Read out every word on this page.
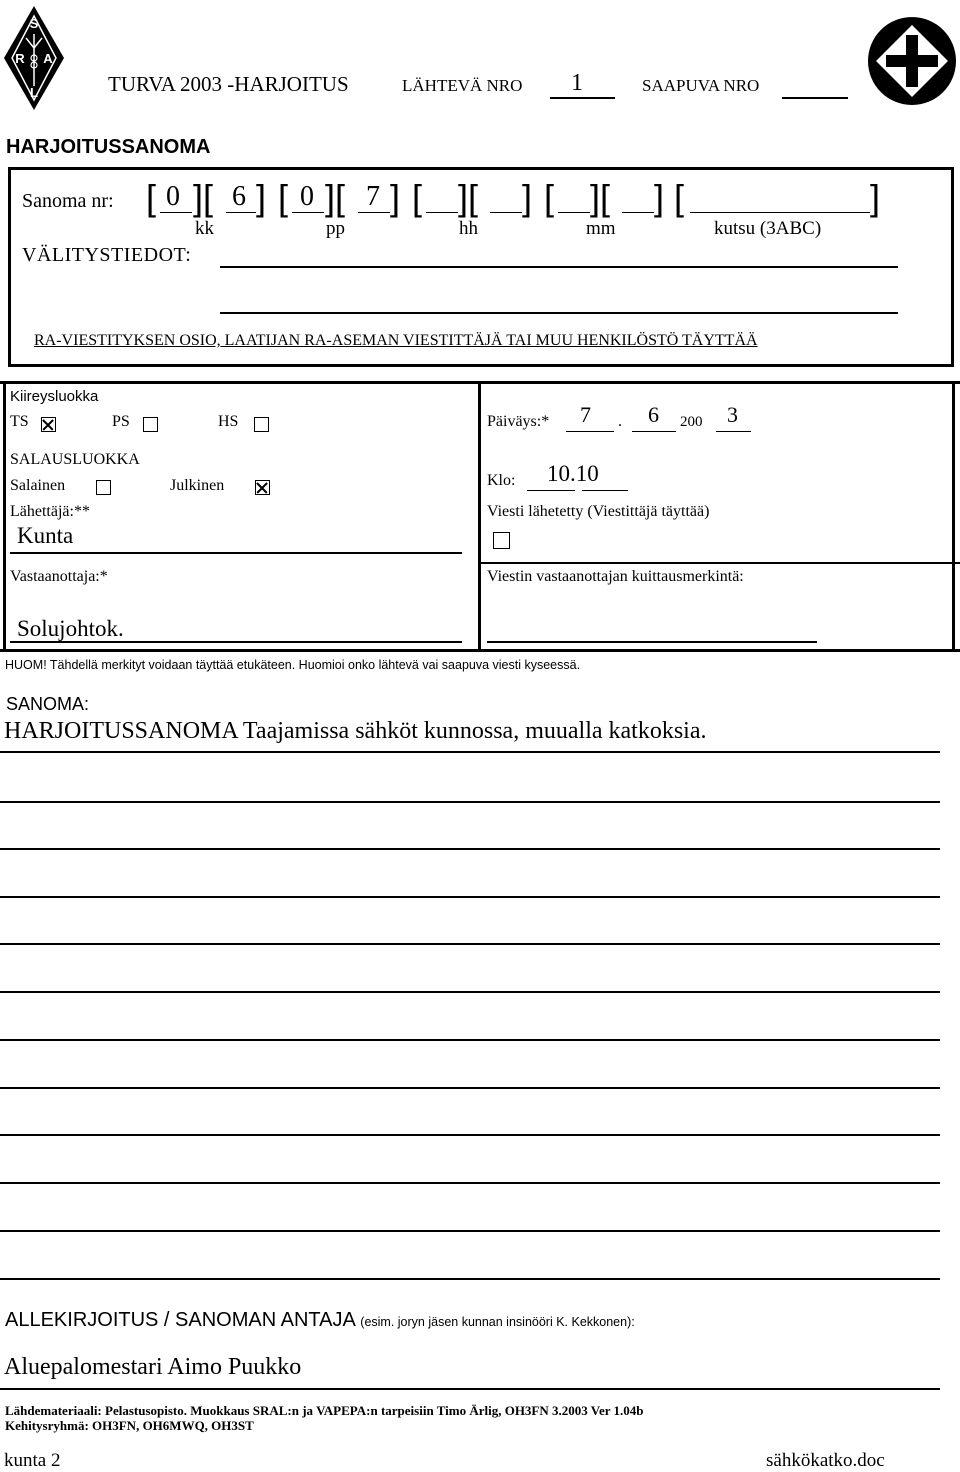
S
R A
L	TURVA 2003 -HARJOITUS	LÄHTEVÄ NRO 1	SAAPUVA NRO
HARJOITUSSANOMA
Sanoma nr: [ 0 ][ 6 ] [ 0 ][ 7 ] [ ][ ] [ ][ ] [	]
kk	pp	hh	mm	kutsu (3ABC)
VÄLITYSTIEDOT:
RA-VIESTITYKSEN OSIO, LAATIJAN RA-ASEMAN VIESTITTÄJÄ TAI MUU HENKILÖSTÖ TÄYTTÄÄ
Kiireysluokka
TS	PS	HS
SALAUSLUOKKA
Salainen	Julkinen
Lähettäjä:**
Kunta
Vastaanottaja:*
Solujohtok.
Päiväys:* 7 . 6 200 3
Klo: 10.10
Viesti lähetetty (Viestittäjä täyttää)
Viestin vastaanottajan kuittausmerkintä:
HUOM! Tähdellä merkityt voidaan täyttää etukäteen. Huomioi onko lähtevä vai saapuva viesti kyseessä.
SANOMA:
HARJOITUSSANOMA Taajamissa sähköt kunnossa, muualla katkoksia.
ALLEKIRJOITUS / SANOMAN ANTAJA (esim. joryn jäsen kunnan insinööri K. Kekkonen):
Aluepalomestari Aimo Puukko
Lähdemateriaali: Pelastusopisto. Muokkaus SRAL:n ja VAPEPA:n tarpeisiin Timo Ärlig, OH3FN 3.2003 Ver 1.04b
Kehitysryhmä: OH3FN, OH6MWQ, OH3ST
kunta 2	sähkökatko.doc
